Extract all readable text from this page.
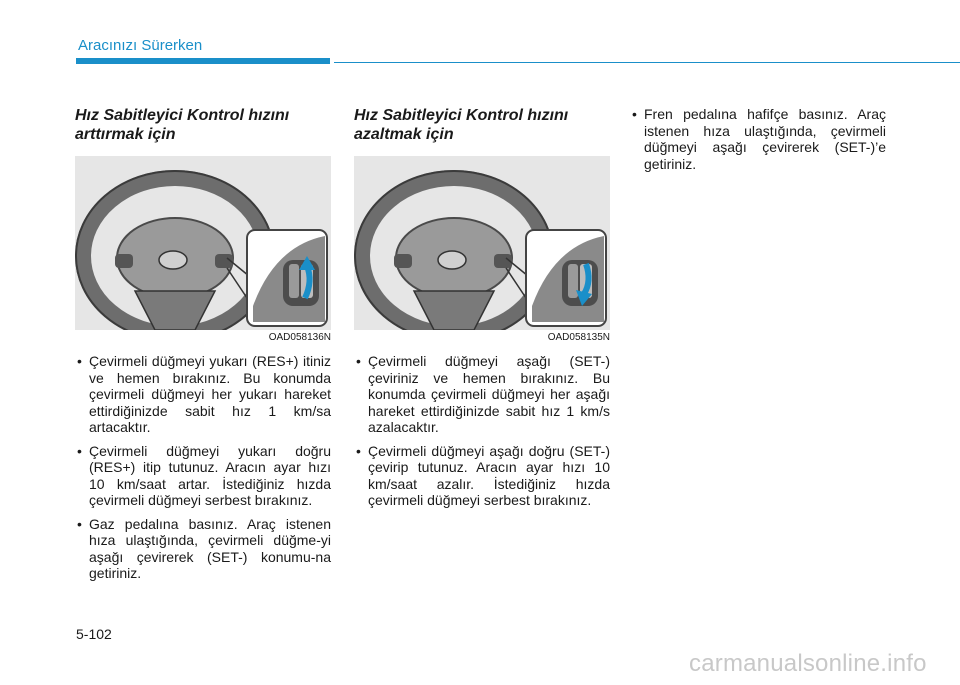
Aracınızı Sürerken
Hız Sabitleyici Kontrol hızını arttırmak için
OAD058136N
• Çevirmeli düğmeyi yukarı (RES+) itiniz ve hemen bırakınız. Bu konumda çevirmeli düğmeyi her yukarı hareket ettirdiğinizde sabit hız 1 km/sa artacaktır.
• Çevirmeli düğmeyi yukarı doğru (RES+) itip tutunuz. Aracın ayar hızı 10 km/saat artar. İstediğiniz hızda çevirmeli düğmeyi serbest bırakınız.
• Gaz pedalına basınız. Araç istenen hıza ulaştığında, çevirmeli düğme-yi aşağı çevirerek (SET-) konumu-na getiriniz.
Hız Sabitleyici Kontrol hızını azaltmak için
OAD058135N
• Çevirmeli düğmeyi aşağı (SET-) çeviriniz ve hemen bırakınız. Bu konumda çevirmeli düğmeyi her aşağı hareket ettirdiğinizde sabit hız 1 km/s azalacaktır.
• Çevirmeli düğmeyi aşağı doğru (SET-) çevirip tutunuz. Aracın ayar hızı 10 km/saat azalır. İstediğiniz hızda çevirmeli düğmeyi serbest bırakınız.
• Fren pedalına hafifçe basınız. Araç istenen hıza ulaştığında, çevirmeli düğmeyi aşağı çevirerek (SET-)’e getiriniz.
5-102
carmanualsonline.info
